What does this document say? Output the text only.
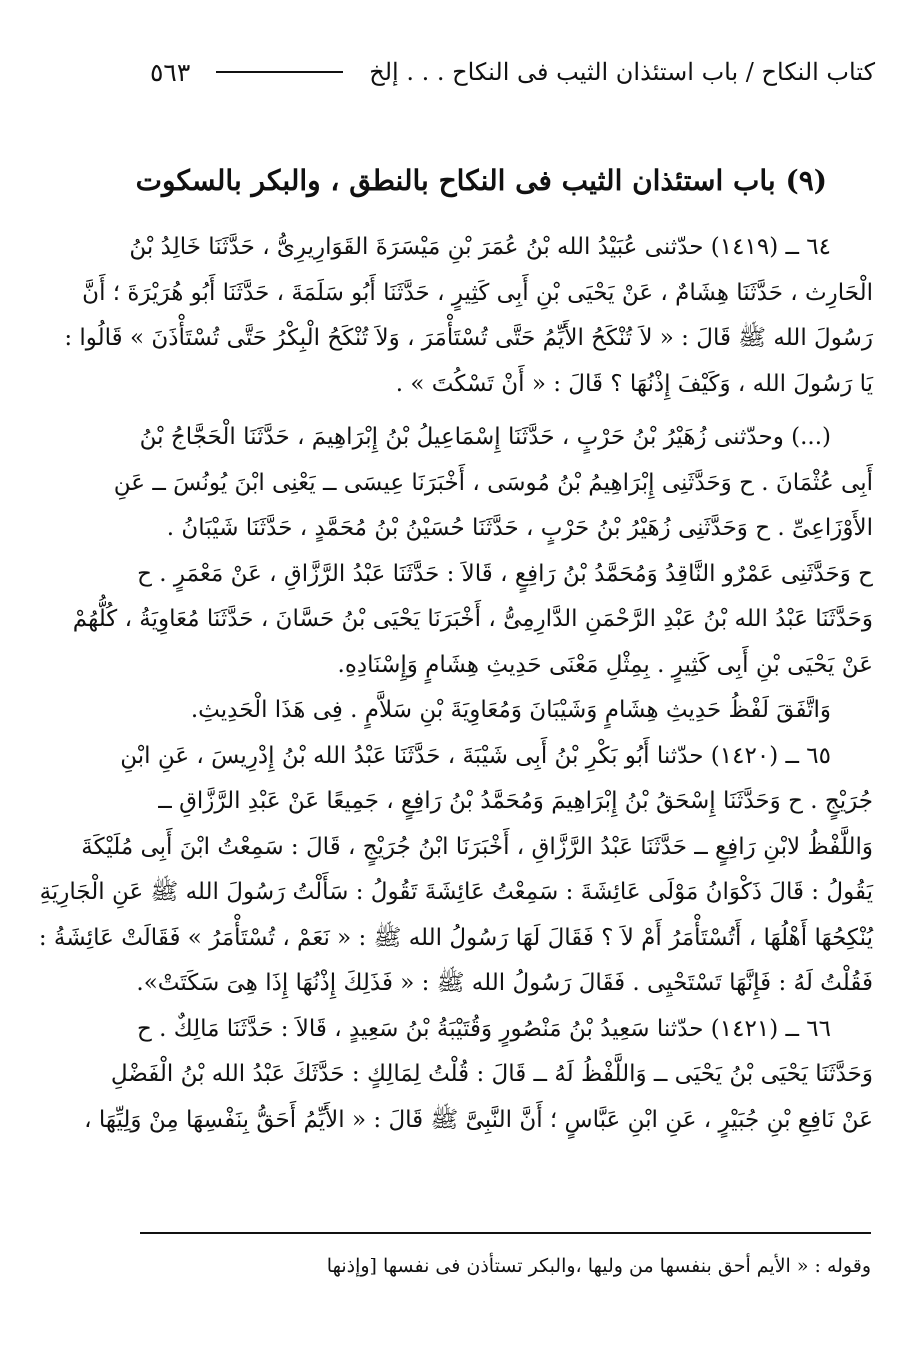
كتاب النكاح / باب استئذان الثيب فى النكاح . . . إلخ
٥٦٣
(٩) باب استئذان الثيب فى النكاح بالنطق ، والبكر بالسكوت

٦٤ ــ (١٤١٩) حدّثنى عُبَيْدُ الله بْنُ عُمَرَ بْنِ مَيْسَرَةَ القَوَارِيرِىُّ ، حَدَّثَنَا خَالِدُ بْنُ
الْحَارِث ، حَدَّثَنَا هِشَامٌ ، عَنْ يَحْيَى بْنِ أَبِى كَثِيرٍ ، حَدَّثَنَا أَبُو سَلَمَةَ ، حَدَّثَنَا أَبُو هُرَيْرَةَ ؛ أَنَّ
رَسُولَ الله ﷺ قَالَ : « لاَ تُنْكَحُ الأَيِّمُ حَتَّى تُسْتَأْمَرَ ، وَلاَ تُنْكَحُ الْبِكْرُ حَتَّى تُسْتَأْذَنَ » قَالُوا :
يَا رَسُولَ الله ، وَكَيْفَ إِذْنُهَا ؟ قَالَ : « أَنْ تَسْكُتَ » .

(...) وحدّثنى زُهَيْرُ بْنُ حَرْبٍ ، حَدَّثَنَا إِسْمَاعِيلُ بْنُ إِبْرَاهِيمَ ، حَدَّثَنَا الْحَجَّاجُ بْنُ
أَبِى عُثْمَانَ . ح وَحَدَّثَنِى إِبْرَاهِيمُ بْنُ مُوسَى ، أَخْبَرَنَا عِيسَى ــ يَعْنِى ابْنَ يُونُسَ ــ عَنِ
الأَوْزَاعِىِّ . ح وَحَدَّثَنِى زُهَيْرُ بْنُ حَرْبٍ ، حَدَّثَنَا حُسَيْنُ بْنُ مُحَمَّدٍ ، حَدَّثَنَا شَيْبَانُ .
ح وَحَدَّثَنِى عَمْرٌو النَّاقِدُ وَمُحَمَّدُ بْنُ رَافِعٍ ، قَالاَ : حَدَّثَنَا عَبْدُ الرَّزَّاقِ ، عَنْ مَعْمَرٍ . ح
وَحَدَّثَنَا عَبْدُ الله بْنُ عَبْدِ الرَّحْمَنِ الدَّارِمِىُّ ، أَخْبَرَنَا يَحْيَى بْنُ حَسَّانَ ، حَدَّثَنَا مُعَاوِيَةُ ، كُلُّهُمْ
عَنْ يَحْيَى بْنِ أَبِى كَثِيرٍ . بِمِثْلِ مَعْنَى حَدِيثِ هِشَامٍ وَإِسْنَادِهِ.

وَاتَّفَقَ لَفْظُ حَدِيثِ هِشَامٍ وَشَيْبَانَ وَمُعَاوِيَةَ بْنِ سَلاَّمٍ . فِى هَذَا الْحَدِيثِ.

٦٥ ــ (١٤٢٠) حدّثنا أَبُو بَكْرِ بْنُ أَبِى شَيْبَةَ ، حَدَّثَنَا عَبْدُ الله بْنُ إِدْرِيسَ ، عَنِ ابْنِ
جُرَيْجٍ . ح وَحَدَّثَنَا إِسْحَقُ بْنُ إِبْرَاهِيمَ وَمُحَمَّدُ بْنُ رَافِعٍ ، جَمِيعًا عَنْ عَبْدِ الرَّزَّاقِ ــ
وَاللَّفْظُ لابْنِ رَافِعٍ ــ حَدَّثَنَا عَبْدُ الرَّزَّاقِ ، أَخْبَرَنَا ابْنُ جُرَيْجٍ ، قَالَ : سَمِعْتُ ابْنَ أَبِى مُلَيْكَةَ
يَقُولُ : قَالَ ذَكْوَانُ مَوْلَى عَائِشَةَ : سَمِعْتُ عَائِشَةَ تَقُولُ : سَأَلْتُ رَسُولَ الله ﷺ عَنِ الْجَارِيَةِ
يُنْكِحُهَا أَهْلُهَا ، أَتُسْتَأْمَرُ أَمْ لاَ ؟ فَقَالَ لَهَا رَسُولُ الله ﷺ : « نَعَمْ ، تُسْتَأْمَرُ » فَقَالَتْ عَائِشَةُ :
فَقُلْتُ لَهُ : فَإِنَّهَا تَسْتَحْيِى . فَقَالَ رَسُولُ الله ﷺ : « فَذَلِكَ إِذْنُهَا إِذَا هِىَ سَكَتَتْ».

٦٦ ــ (١٤٢١) حدّثنا سَعِيدُ بْنُ مَنْصُورٍ وَقُتَيْبَةُ بْنُ سَعِيدٍ ، قَالاَ : حَدَّثَنَا مَالِكٌ . ح
وَحَدَّثَنَا يَحْيَى بْنُ يَحْيَى ــ وَاللَّفْظُ لَهُ ــ قَالَ : قُلْتُ لِمَالِكٍ : حَدَّثَكَ عَبْدُ الله بْنُ الْفَضْلِ
عَنْ نَافِعِ بْنِ جُبَيْرٍ ، عَنِ ابْنِ عَبَّاسٍ ؛ أَنَّ النَّبِىَّ ﷺ قَالَ : « الأَيِّمُ أَحَقُّ بِنَفْسِهَا مِنْ وَلِيِّهَا ،

وقوله : « الأيم أحق بنفسها من وليها ،والبكر تستأذن فى نفسها [وإذنها
